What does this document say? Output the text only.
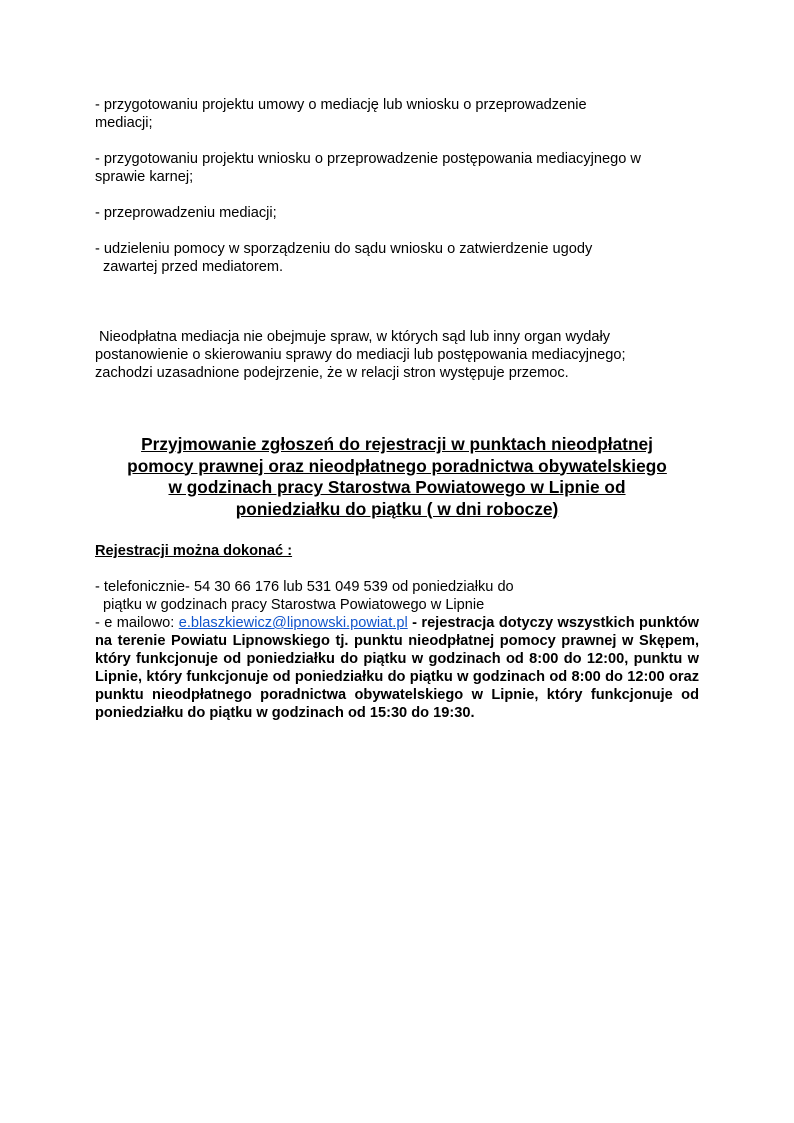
- przygotowaniu projektu umowy o mediację lub wniosku o przeprowadzenie
mediacji;

- przygotowaniu projektu wniosku o przeprowadzenie postępowania mediacyjnego w
sprawie karnej;

- przeprowadzeniu mediacji;

- udzieleniu pomocy w sporządzeniu do sądu wniosku o zatwierdzenie ugody
zawartej przed mediatorem.

Nieodpłatna mediacja nie obejmuje spraw, w których sąd lub inny organ wydały
postanowienie o skierowaniu sprawy do mediacji lub postępowania mediacyjnego;
zachodzi uzasadnione podejrzenie, że w relacji stron występuje przemoc.

Przyjmowanie zgłoszeń do rejestracji w punktach nieodpłatnej
pomocy prawnej oraz nieodpłatnego poradnictwa obywatelskiego
w godzinach pracy Starostwa Powiatowego w Lipnie od
poniedziałku do piątku ( w dni robocze)

Rejestracji można dokonać :

- telefonicznie- 54 30 66 176 lub 531 049 539 od poniedziałku do
piątku w godzinach pracy Starostwa Powiatowego w Lipnie

- e mailowo: e.blaszkiewicz@lipnowski.powiat.pl - rejestracja dotyczy wszystkich punktów na terenie Powiatu Lipnowskiego tj. punktu nieodpłatnej pomocy prawnej w Skępem, który funkcjonuje od poniedziałku do piątku w godzinach od 8:00 do 12:00, punktu w Lipnie, który funkcjonuje od poniedziałku do piątku w godzinach od 8:00 do 12:00 oraz punktu nieodpłatnego poradnictwa obywatelskiego w Lipnie, który funkcjonuje od poniedziałku do piątku w godzinach od 15:30 do 19:30.
